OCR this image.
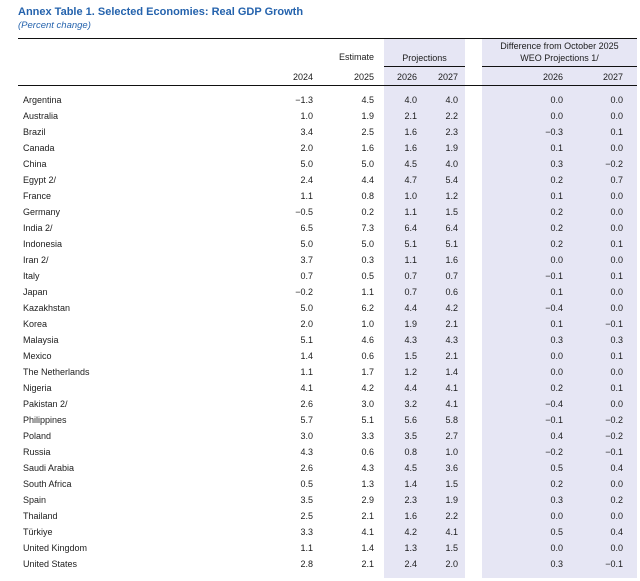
Annex Table 1. Selected Economies: Real GDP Growth
(Percent change)
Estimate	Projections
Difference from October 2025
WEO Projections 1/
2024	2025	2026 2027	2026	2027
Argentina	−1.3	4.5	4.0	4.0	0.0	0.0
Australia	1.0	1.9	2.1	2.2	0.0	0.0
Brazil	3.4	2.5	1.6	2.3	−0.3	0.1
Canada	2.0	1.6	1.6	1.9	0.1	0.0
China	5.0	5.0	4.5	4.0	0.3	−0.2
Egypt 2/	2.4	4.4	4.7	5.4	0.2	0.7
France	1.1	0.8	1.0	1.2	0.1	0.0
Germany	−0.5	0.2	1.1	1.5	0.2	0.0
India 2/	6.5	7.3	6.4	6.4	0.2	0.0
Indonesia	5.0	5.0	5.1	5.1	0.2	0.1
Iran 2/	3.7	0.3	1.1	1.6	0.0	0.0
Italy	0.7	0.5	0.7	0.7	−0.1	0.1
Japan	−0.2	1.1	0.7	0.6	0.1	0.0
Kazakhstan	5.0	6.2	4.4	4.2	−0.4	0.0
Korea	2.0	1.0	1.9	2.1	0.1	−0.1
Malaysia	5.1	4.6	4.3	4.3	0.3	0.3
Mexico	1.4	0.6	1.5	2.1	0.0	0.1
The Netherlands	1.1	1.7	1.2	1.4	0.0	0.0
Nigeria	4.1	4.2	4.4	4.1	0.2	0.1
Pakistan 2/	2.6	3.0	3.2	4.1	−0.4	0.0
Philippines	5.7	5.1	5.6	5.8	−0.1	−0.2
Poland	3.0	3.3	3.5	2.7	0.4	−0.2
Russia	4.3	0.6	0.8	1.0	−0.2	−0.1
Saudi Arabia	2.6	4.3	4.5	3.6	0.5	0.4
South Africa	0.5	1.3	1.4	1.5	0.2	0.0
Spain	3.5	2.9	2.3	1.9	0.3	0.2
Thailand	2.5	2.1	1.6	2.2	0.0	0.0
Türkiye	3.3	4.1	4.2	4.1	0.5	0.4
United Kingdom	1.1	1.4	1.3	1.5	0.0	0.0
United States	2.8	2.1	2.4	2.0	0.3	−0.1
